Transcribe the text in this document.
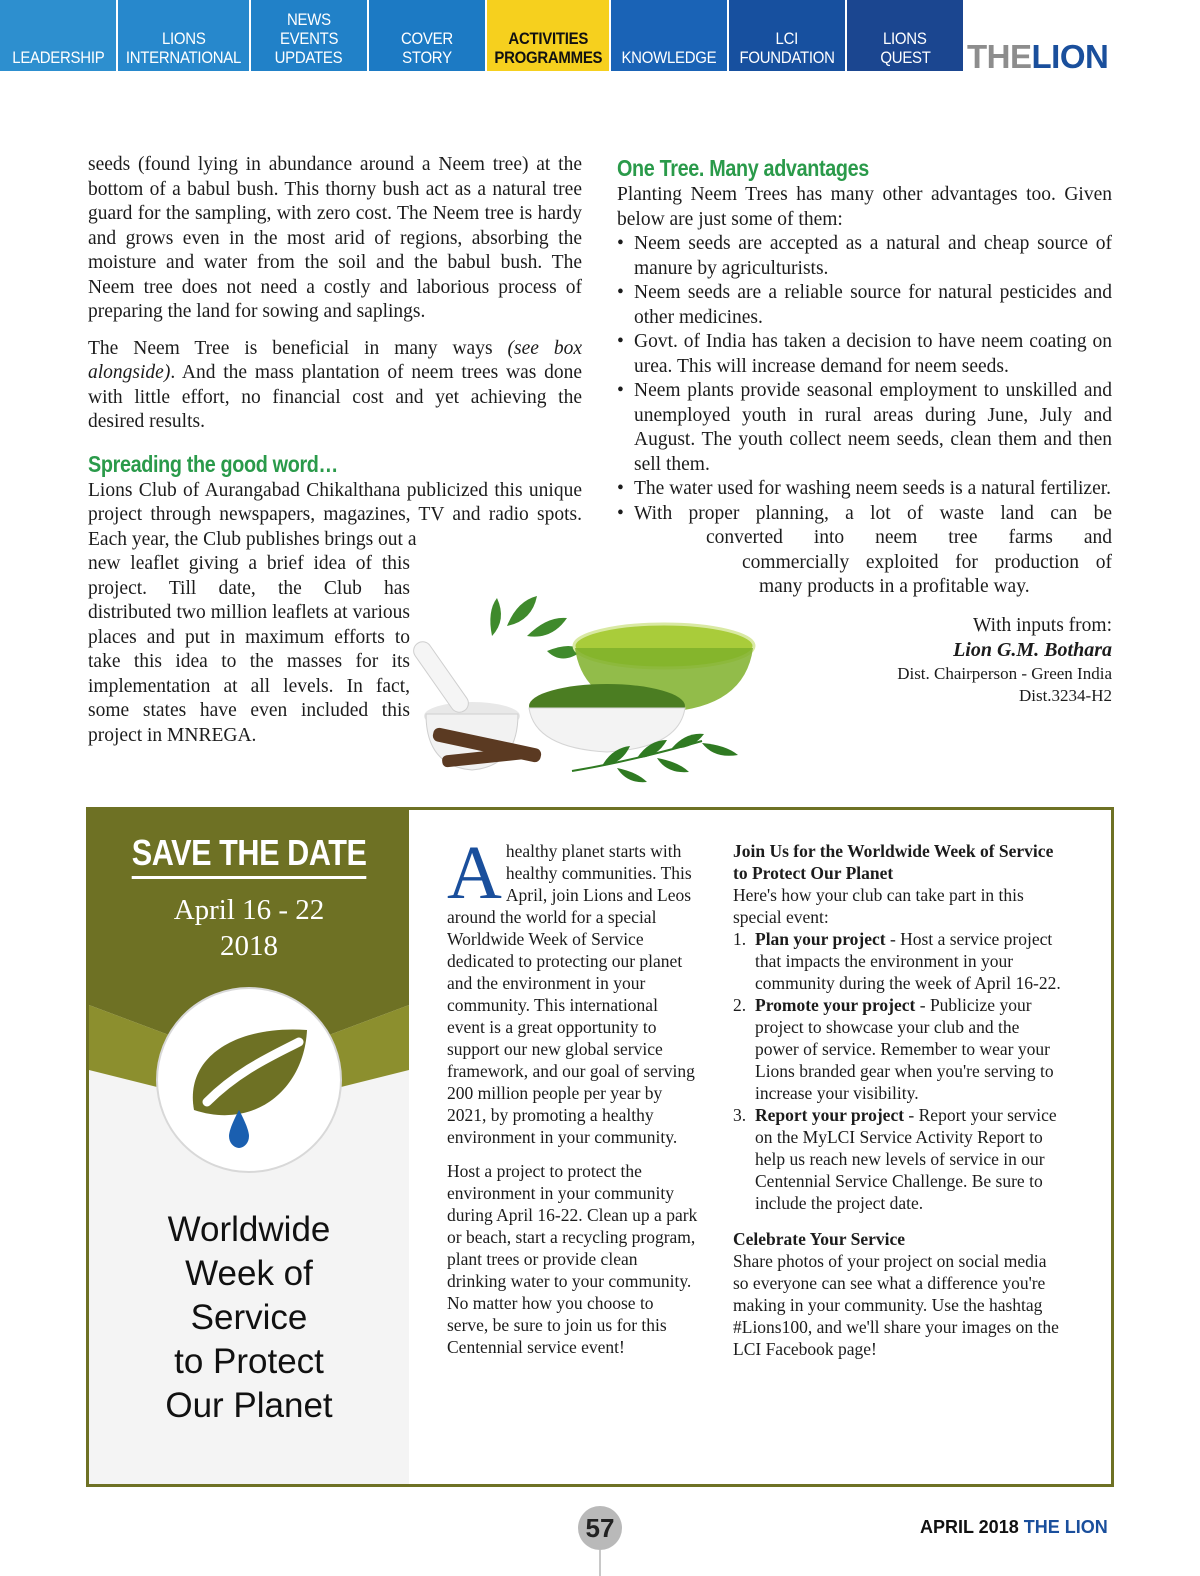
LEADERSHIP
LIONS
INTERNATIONAL
NEWS
EVENTS
UPDATES
COVER STORY
ACTIVITIES
PROGRAMMES KNOWLEDGE
LCI
FOUNDATION
LIONS
QUEST THELION

seeds (found lying in abundance around a Neem tree) at the bottom of a babul bush. This thorny bush act as a natural tree guard for the sampling, with zero cost. The Neem tree is hardy and grows even in the most arid of regions, absorbing the moisture and water from the soil and the babul bush. The Neem tree does not need a costly and laborious process of preparing the land for sowing and saplings.

The Neem Tree is beneficial in many ways (see box alongside). And the mass plantation of neem trees was done with little effort, no financial cost and yet achieving the desired results.

Spreading the good word…

Lions Club of Aurangabad Chikalthana publicized this unique project through newspapers, magazines, TV and radio spots. Each year, the Club publishes brings out a

new leaflet giving a brief idea of this project. Till date, the Club has distributed two million leaflets at various places and put in maximum efforts to take this idea to the masses for its implementation at all levels. In fact, some states have even included this project in MNREGA.

One Tree. Many advantages

Planting Neem Trees has many other advantages too. Given below are just some of them:

• Neem seeds are accepted as a natural and cheap source of manure by agriculturists.
• Neem seeds are a reliable source for natural pesticides and other medicines.
• Govt. of India has taken a decision to have neem coating on urea. This will increase demand for neem seeds.
• Neem plants provide seasonal employment to unskilled and unemployed youth in rural areas during June, July and August. The youth collect neem seeds, clean them and then sell them.
• The water used for washing neem seeds is a natural fertilizer.
• With proper planning, a lot of waste land can be
converted into neem tree farms and
commercially exploited for production of
many products in a profitable way.
With inputs from:
Lion G.M. Bothara
Dist. Chairperson - Green India
Dist.3234-H2
SAVE THE DATE
April 16 - 22
2018
Worldwide
Week of
Service
to Protect
Our Planet

Ahealthy planet starts with healthy communities. This April, join Lions and Leos around the world for a special Worldwide Week of Service dedicated to protecting our planet and the environment in your community. This international event is a great opportunity to support our new global service framework, and our goal of serving 200 million people per year by 2021, by promoting a healthy environment in your community.

Host a project to protect the environment in your community during April 16-22. Clean up a park or beach, start a recycling program, plant trees or provide clean drinking water to your community. No matter how you choose to serve, be sure to join us for this Centennial service event!

Join Us for the Worldwide Week of Service to Protect Our Planet
Here's how your club can take part in this special event:
1. Plan your project - Host a service project that impacts the environment in your community during the week of April 16-22.
2. Promote your project - Publicize your project to showcase your club and the power of service. Remember to wear your Lions branded gear when you're serving to increase your visibility.
3. Report your project - Report your service on the MyLCI Service Activity Report to help us reach new levels of service in our Centennial Service Challenge. Be sure to include the project date.
Celebrate Your Service
Share photos of your project on social media so everyone can see what a difference you're making in your community. Use the hashtag #Lions100, and we'll share your images on the LCI Facebook page!
57	APRIL 2018 THE LION
